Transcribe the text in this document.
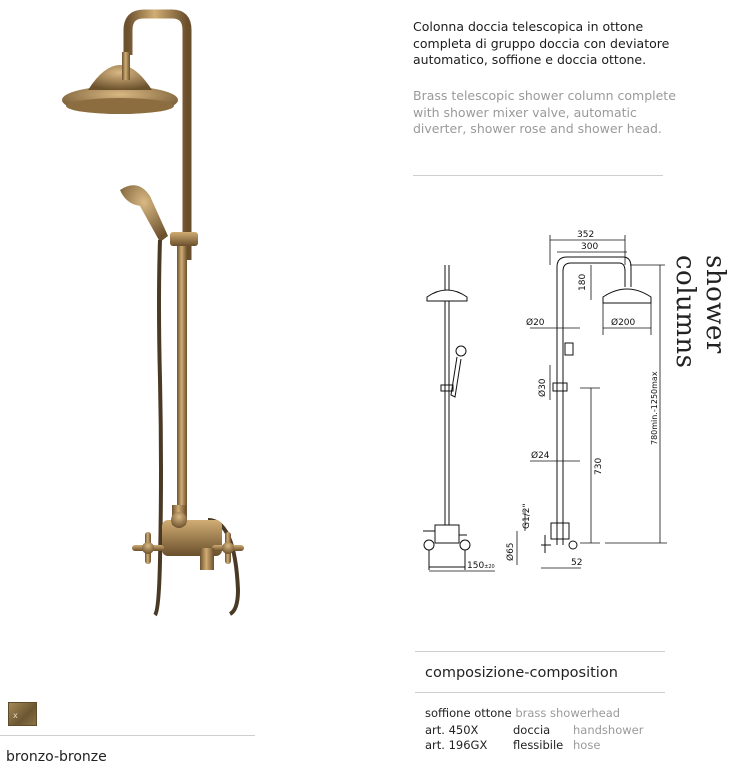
Colonna doccia telescopica in ottone completa di gruppo doccia con deviatore automatico, soffione e doccia ottone.
Brass telescopic shower column complete with shower mixer valve, automatic diverter, shower rose and shower head.
shower columns
352
300
180
Ø200
Ø20
Ø30
Ø24
730
780min.-1250max
G1/2"
Ø65
52
150±20
composizione-composition
soffione ottone brass showerhead
art. 450X	doccia handshower
art. 196GX flessibile hose
x
bronzo-bronze
